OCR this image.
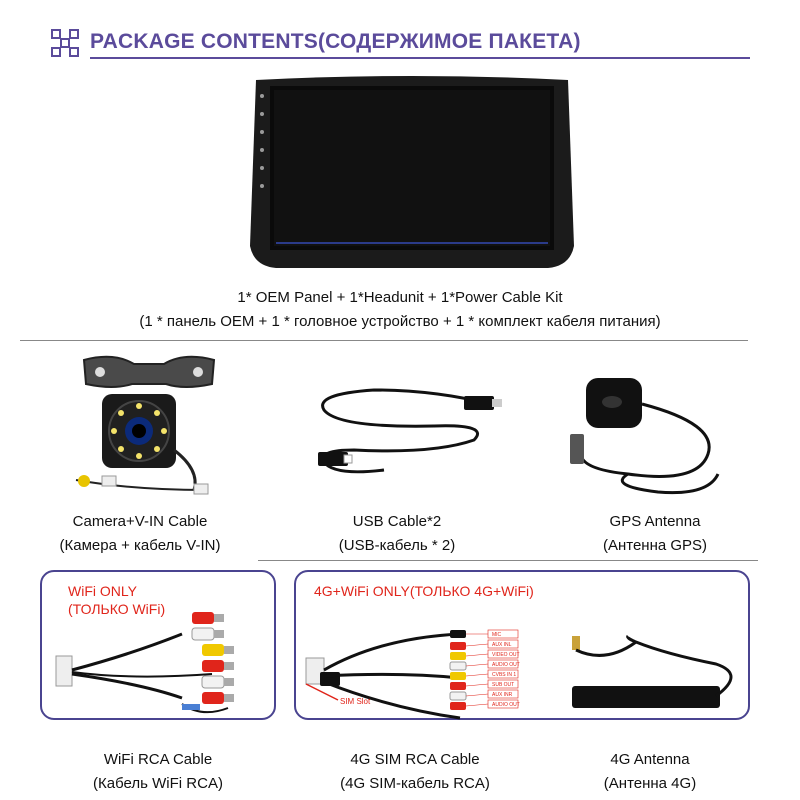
PACKAGE CONTENTS(СОДЕРЖИМОЕ ПАКЕТА)
1* OEM Panel + 1*Headunit + 1*Power Cable Kit
(1 * панель OEM + 1 * головное устройство + 1 * комплект кабеля питания)
Camera+V-IN Cable
(Камера + кабель V-IN)
USB Cable*2
(USB-кабель * 2)
GPS Antenna
(Антенна GPS)
WiFi ONLY
(ТОЛЬКО WiFi)
4G+WiFi ONLY(ТОЛЬКО 4G+WiFi)
SIM Slot
MIC
AUX INL
VIDEO OUT
AUDIO OUT
CVBS IN 1
SUB OUT
AUX INR
AUDIO OUT
WiFi RCA Cable
(Кабель WiFi RCA)
4G SIM RCA Cable
(4G SIM-кабель RCA)
4G Antenna
(Антенна 4G)
